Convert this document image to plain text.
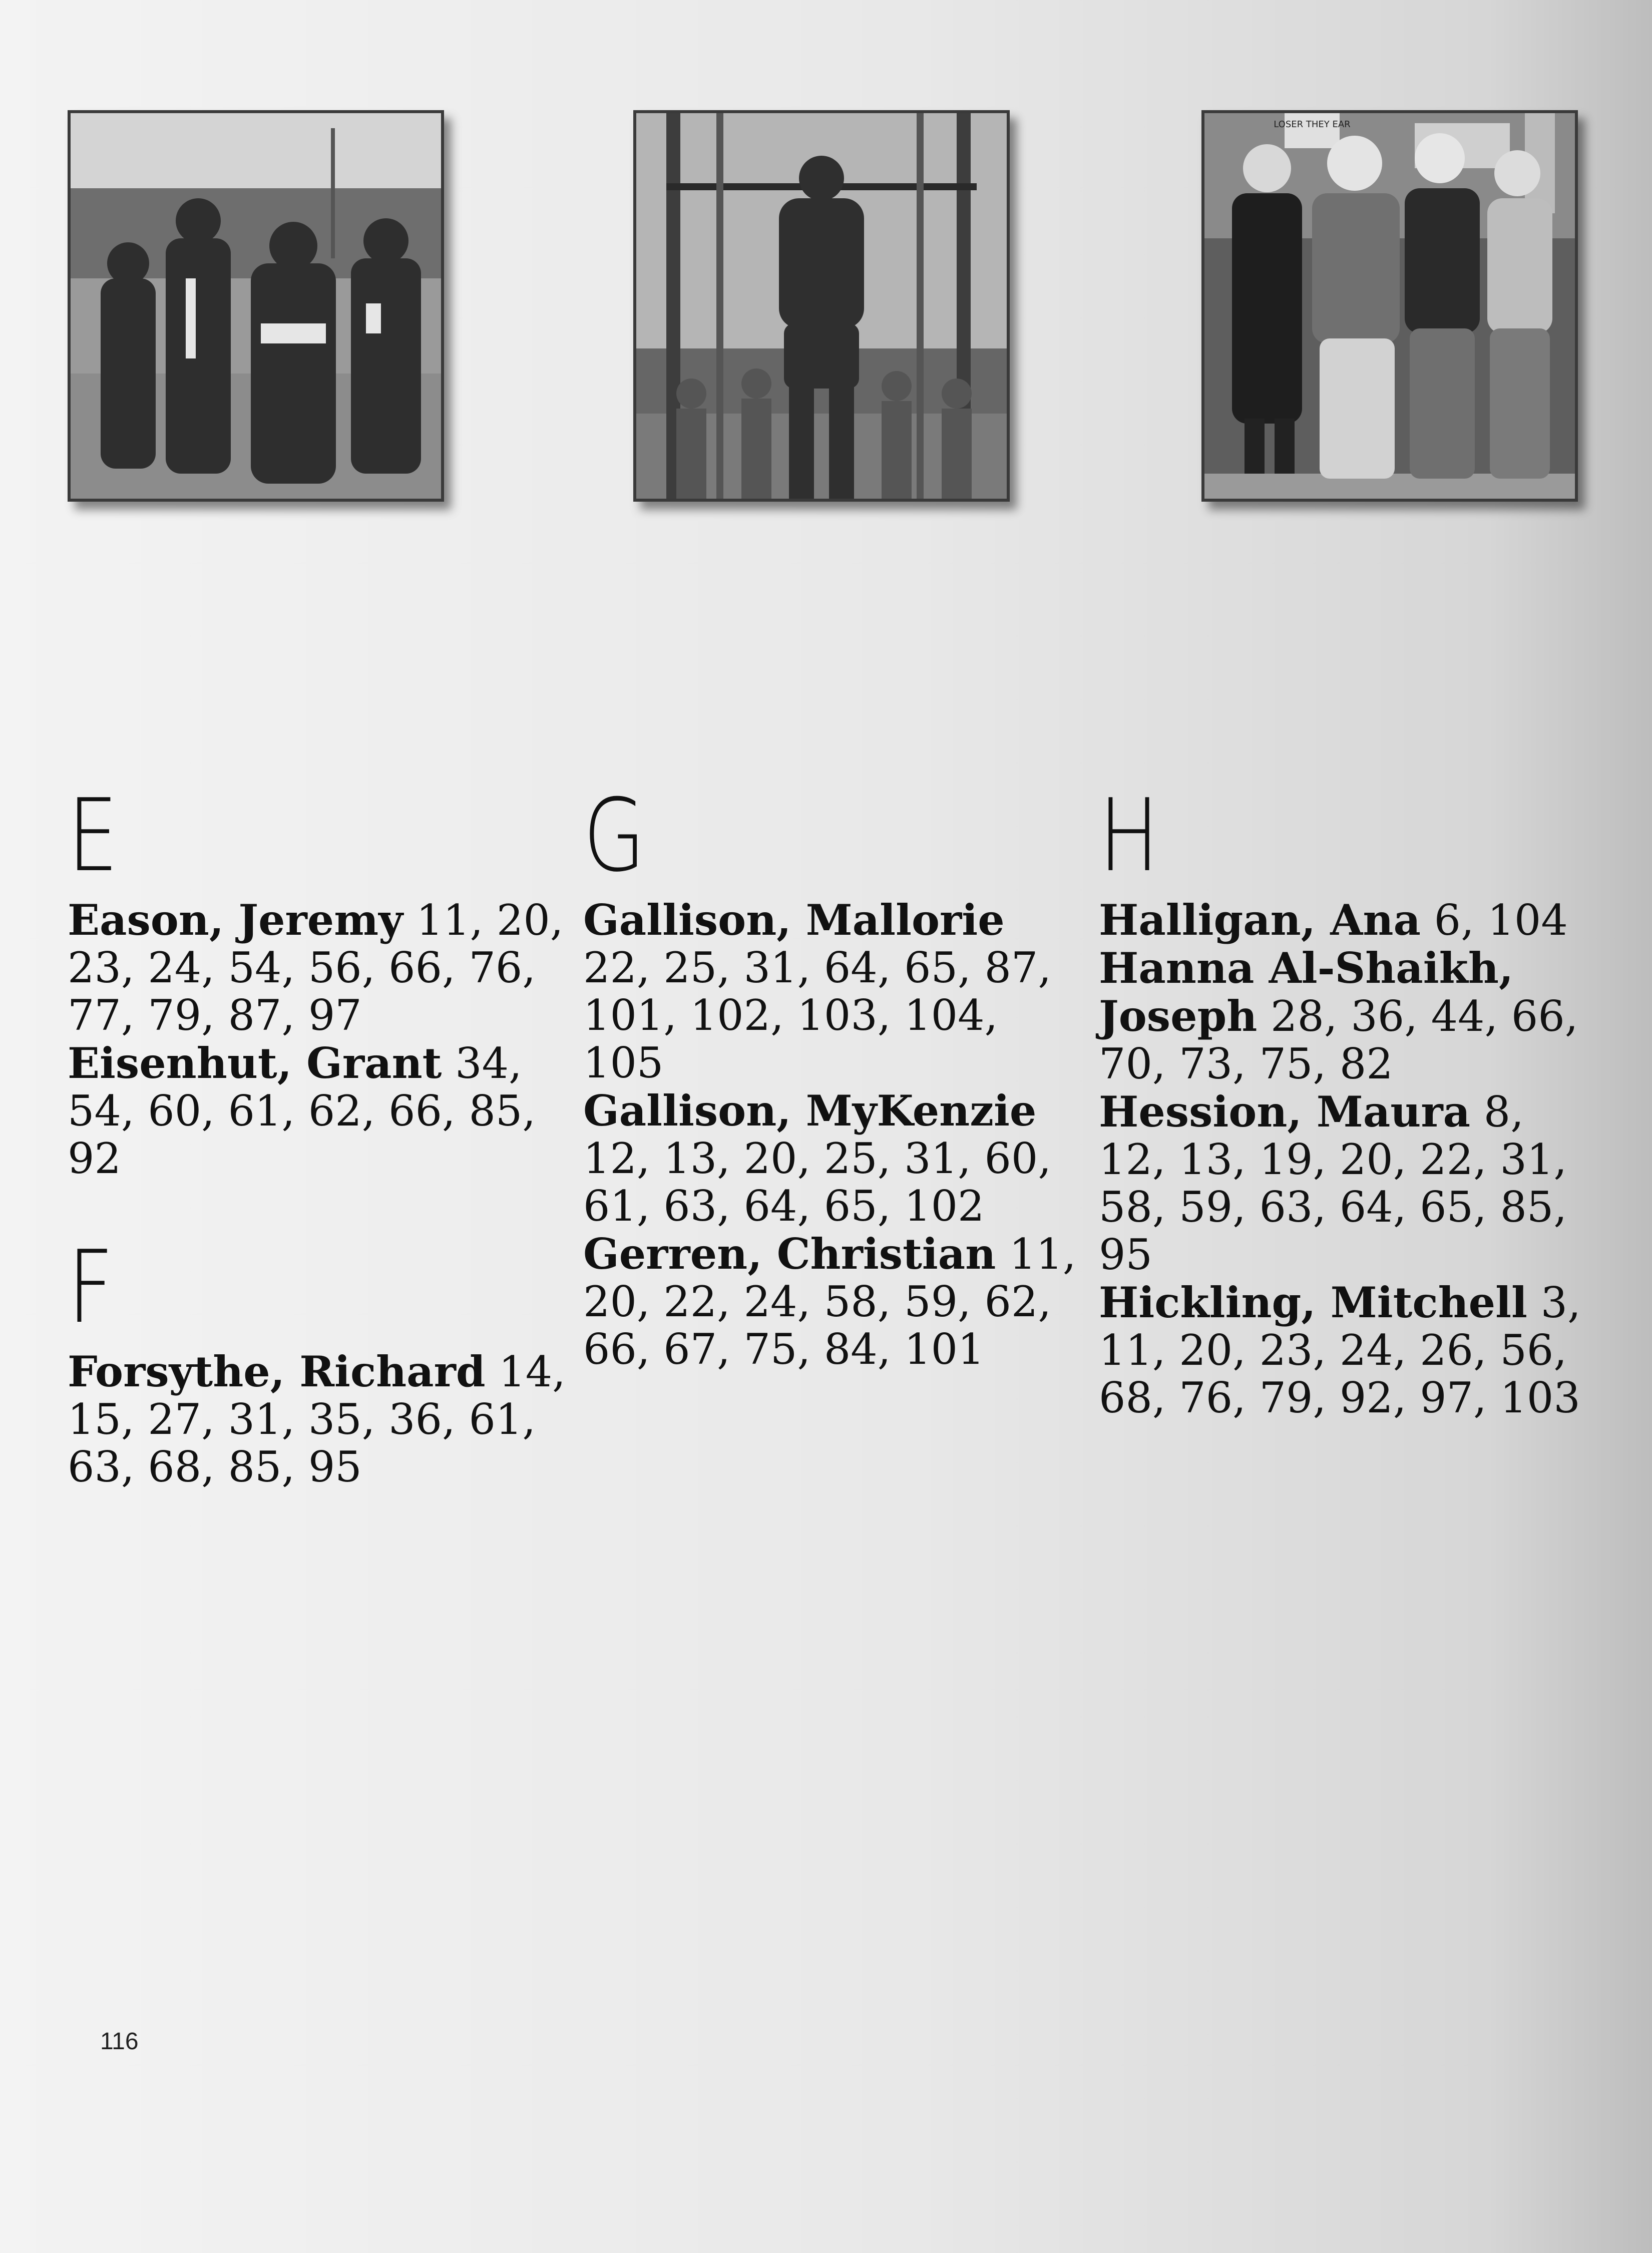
LOSER THEY EAR
E
Eason, Jeremy 11, 20, 23, 24, 54, 56, 66, 76, 77, 79, 87, 97
Eisenhut, Grant 34, 54, 60, 61, 62, 66, 85, 92
F
Forsythe, Richard 14, 15, 27, 31, 35, 36, 61, 63, 68, 85, 95
G
Gallison, Mallorie 22, 25, 31, 64, 65, 87, 101, 102, 103, 104, 105
Gallison, MyKenzie 12, 13, 20, 25, 31, 60, 61, 63, 64, 65, 102
Gerren, Christian 11, 20, 22, 24, 58, 59, 62, 66, 67, 75, 84, 101
H
Halligan, Ana 6, 104
Hanna Al-Shaikh, Joseph 28, 36, 44, 66, 70, 73, 75, 82
Hession, Maura 8, 12, 13, 19, 20, 22, 31, 58, 59, 63, 64, 65, 85, 95
Hickling, Mitchell 3, 11, 20, 23, 24, 26, 56, 68, 76, 79, 92, 97, 103
116
